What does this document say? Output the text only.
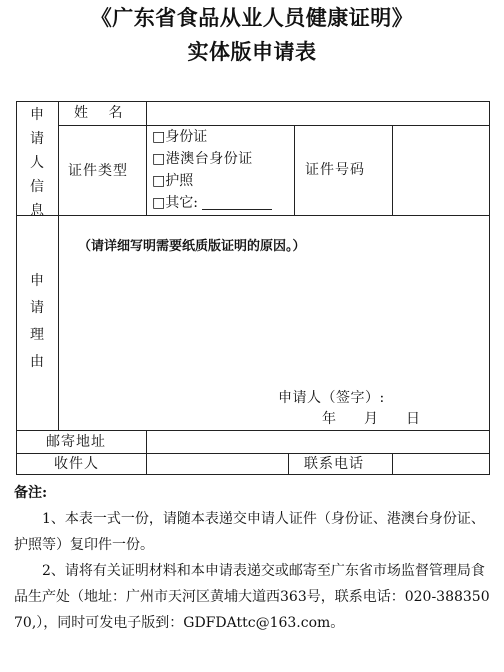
《广东省食品从业人员健康证明》
实体版申请表
申请人信息
姓 名
证件类型
□身份证
□港澳台身份证
□护照
□其它:
证件号码
申请理由
（请详细写明需要纸质版证明的原因。）
申请人（签字）:
年　　月　　日
邮寄地址
收件人	联系电话
备注:
1、本表一式一份，请随本表递交申请人证件（身份证、港澳台身份证、护照等）复印件一份。
2、请将有关证明材料和本申请表递交或邮寄至广东省市场监督管理局食品生产处（地址：广州市天河区黄埔大道西363号，联系电话：020-38835070,），同时可发电子版到：GDFDAttc@163.com。
